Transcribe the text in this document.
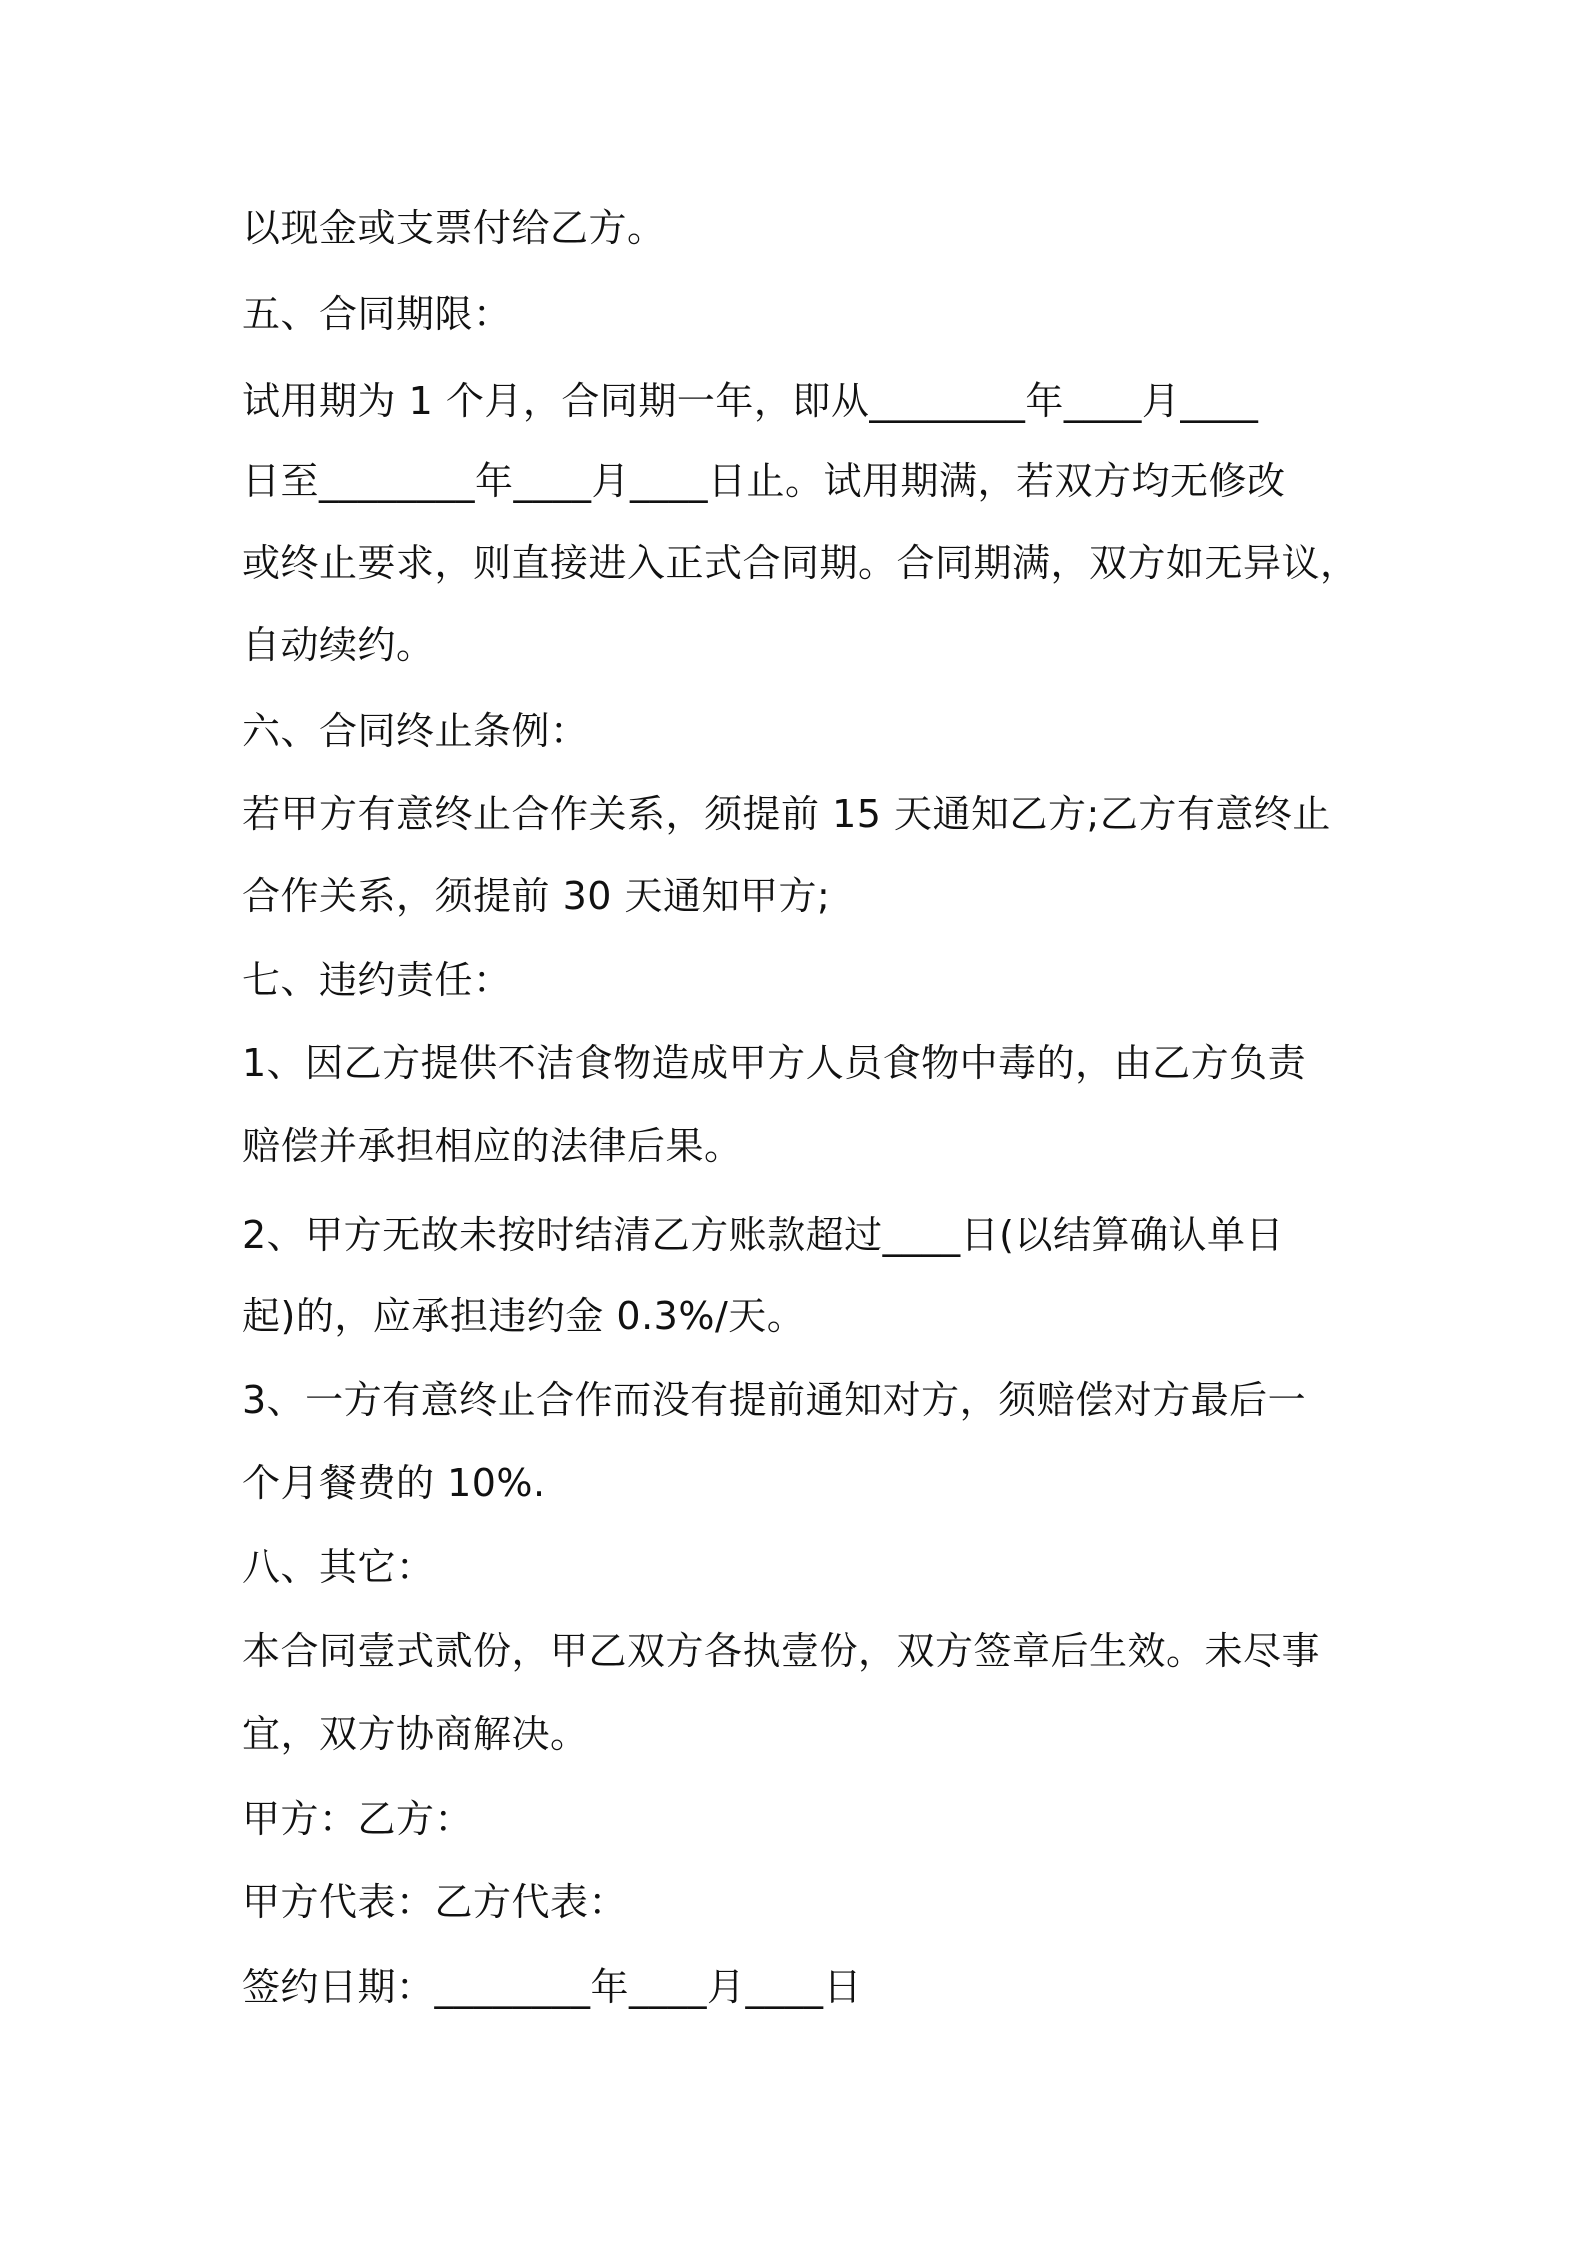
以现金或支票付给乙方。

五、合同期限：

试用期为 1 个月，合同期一年，即从________年____月____

日至________年____月____日止。试用期满，若双方均无修改

或终止要求，则直接进入正式合同期。合同期满，双方如无异议，

自动续约。

六、合同终止条例：

若甲方有意终止合作关系，须提前 15 天通知乙方;乙方有意终止

合作关系，须提前 30 天通知甲方;

七、违约责任：

1、因乙方提供不洁食物造成甲方人员食物中毒的，由乙方负责

赔偿并承担相应的法律后果。

2、甲方无故未按时结清乙方账款超过____日(以结算确认单日

起)的，应承担违约金 0.3%/天。

3、一方有意终止合作而没有提前通知对方，须赔偿对方最后一

个月餐费的 10%.

八、其它：

本合同壹式贰份，甲乙双方各执壹份，双方签章后生效。未尽事

宜，双方协商解决。

甲方：乙方：

甲方代表：乙方代表：

签约日期：________年____月____日
